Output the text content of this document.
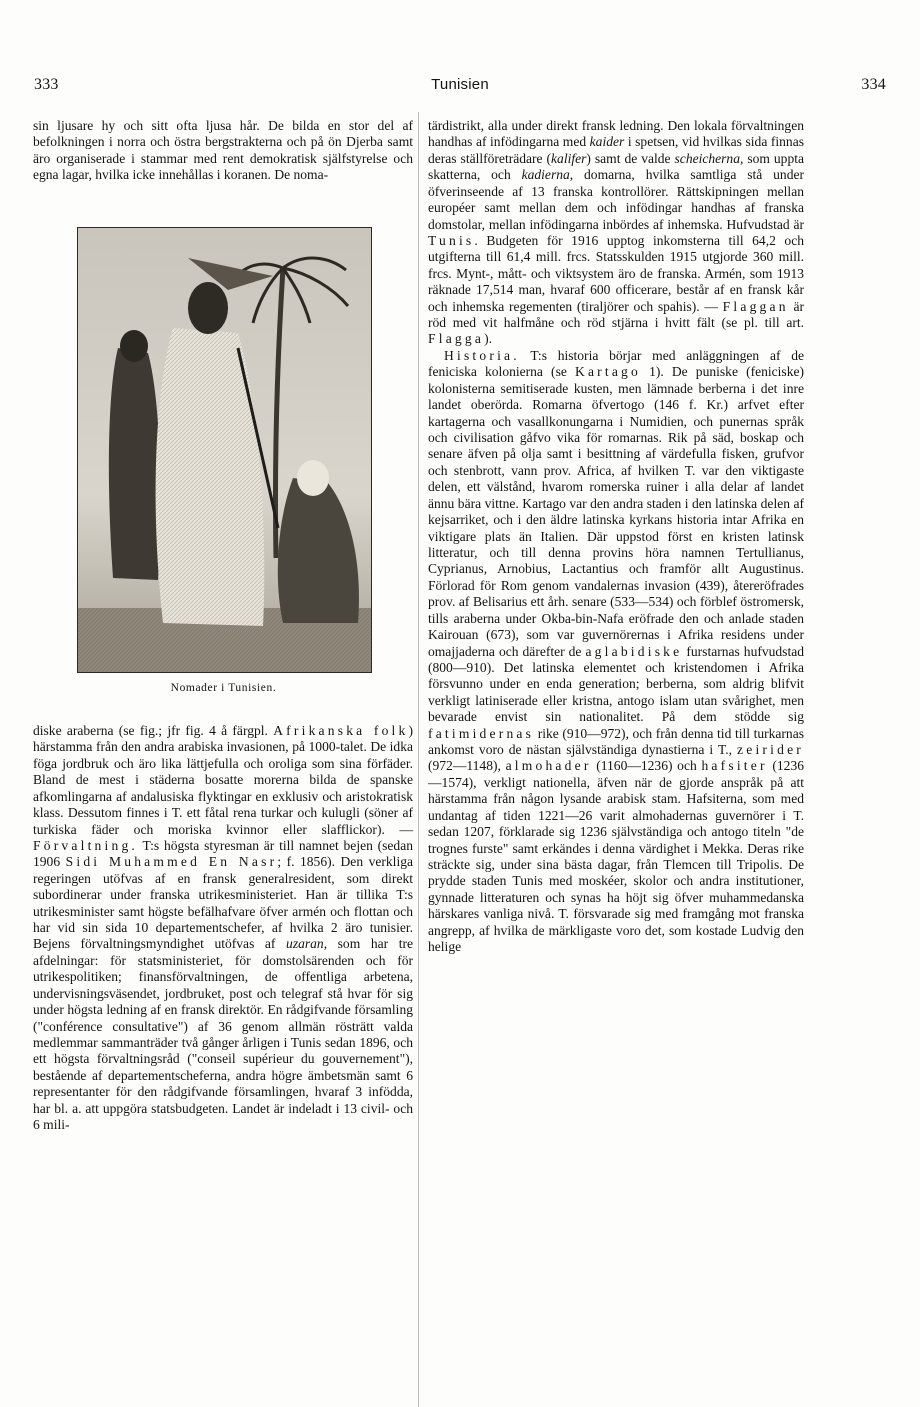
333	Tunisien	334

sin ljusare hy och sitt ofta ljusa hår. De bilda en stor del af befolkningen i norra och östra bergstrakterna och på ön Djerba samt äro organiserade i stammar med rent demokratisk själfstyrelse och egna lagar, hvilka icke innehållas i koranen. De noma-

Nomader i Tunisien.

diske araberna (se fig.; jfr fig. 4 å färgpl. Afrikanska folk) härstamma från den andra arabiska invasionen, på 1000-talet. De idka föga jordbruk och äro lika lättjefulla och oroliga som sina förfäder. Bland de mest i städerna bosatte morerna bilda de spanske afkomlingarna af andalusiska flyktingar en exklusiv och aristokratisk klass. Dessutom finnes i T. ett fåtal rena turkar och kulugli (söner af turkiska fäder och moriska kvinnor eller slafflickor). — Förvaltning. T:s högsta styresman är till namnet bejen (sedan 1906 Sidi Muhammed En Nasr; f. 1856). Den verkliga regeringen utöfvas af en fransk generalresident, som direkt subordinerar under franska utrikesministeriet. Han är tillika T:s utrikesminister samt högste befälhafvare öfver armén och flottan och har vid sin sida 10 departementschefer, af hvilka 2 äro tunisier. Bejens förvaltningsmyndighet utöfvas af uzaran, som har tre afdelningar: för statsministeriet, för domstolsärenden och för utrikespolitiken; finansförvaltningen, de offentliga arbetena, undervisningsväsendet, jordbruket, post och telegraf stå hvar för sig under högsta ledning af en fransk direktör. En rådgifvande församling ("conférence consultative") af 36 genom allmän rösträtt valda medlemmar sammanträder två gånger årligen i Tunis sedan 1896, och ett högsta förvaltningsråd ("conseil supérieur du gouvernement"), bestående af departementscheferna, andra högre ämbetsmän samt 6 representanter för den rådgifvande församlingen, hvaraf 3 infödda, har bl. a. att uppgöra statsbudgeten. Landet är indeladt i 13 civil- och 6 mili-

tärdistrikt, alla under direkt fransk ledning. Den lokala förvaltningen handhas af infödingarna med kaider i spetsen, vid hvilkas sida finnas deras ställföreträdare (kalifer) samt de valde scheicherna, som uppta skatterna, och kadierna, domarna, hvilka samtliga stå under öfverinseende af 13 franska kontrollörer. Rättskipningen mellan européer samt mellan dem och infödingar handhas af franska domstolar, mellan infödingarna inbördes af inhemska. Hufvudstad är Tunis. Budgeten för 1916 upptog inkomsterna till 64,2 och utgifterna till 61,4 mill. frcs. Statsskulden 1915 utgjorde 360 mill. frcs. Mynt-, mått- och viktsystem äro de franska. Armén, som 1913 räknade 17,514 man, hvaraf 600 officerare, består af en fransk kår och inhemska regementen (tiraljörer och spahis). — Flaggan är röd med vit halfmåne och röd stjärna i hvitt fält (se pl. till art. Flagga).

Historia. T:s historia börjar med anläggningen af de feniciska kolonierna (se Kartago 1). De puniske (feniciske) kolonisterna semitiserade kusten, men lämnade berberna i det inre landet oberörda. Romarna öfvertogo (146 f. Kr.) arfvet efter kartagerna och vasallkonungarna i Numidien, och punernas språk och civilisation gåfvo vika för romarnas. Rik på säd, boskap och senare äfven på olja samt i besittning af värdefulla fisken, grufvor och stenbrott, vann prov. Africa, af hvilken T. var den viktigaste delen, ett välstånd, hvarom romerska ruiner i alla delar af landet ännu bära vittne. Kartago var den andra staden i den latinska delen af kejsarriket, och i den äldre latinska kyrkans historia intar Afrika en viktigare plats än Italien. Där uppstod först en kristen latinsk litteratur, och till denna provins höra namnen Tertullianus, Cyprianus, Arnobius, Lactantius och framför allt Augustinus. Förlorad för Rom genom vandalernas invasion (439), återeröfrades prov. af Belisarius ett årh. senare (533—534) och förblef östromersk, tills araberna under Okba-bin-Nafa eröfrade den och anlade staden Kairouan (673), som var guvernörernas i Afrika residens under omajjaderna och därefter de aglabidiske furstarnas hufvudstad (800—910). Det latinska elementet och kristendomen i Afrika försvunno under en enda generation; berberna, som aldrig blifvit verkligt latiniserade eller kristna, antogo islam utan svårighet, men bevarade envist sin nationalitet. På dem stödde sig fatimidernas rike (910—972), och från denna tid till turkarnas ankomst voro de nästan självständiga dynastierna i T., zeirider (972—1148), almohader (1160—1236) och hafsiter (1236—1574), verkligt nationella, äfven när de gjorde anspråk på att härstamma från någon lysande arabisk stam. Hafsiterna, som med undantag af tiden 1221—26 varit almohadernas guvernörer i T. sedan 1207, förklarade sig 1236 självständiga och antogo titeln "de trognes furste" samt erkändes i denna värdighet i Mekka. Deras rike sträckte sig, under sina bästa dagar, från Tlemcen till Tripolis. De prydde staden Tunis med moskéer, skolor och andra institutioner, gynnade litteraturen och synas ha höjt sig öfver muhammedanska härskares vanliga nivå. T. försvarade sig med framgång mot franska angrepp, af hvilka de märkligaste voro det, som kostade Ludvig den helige
